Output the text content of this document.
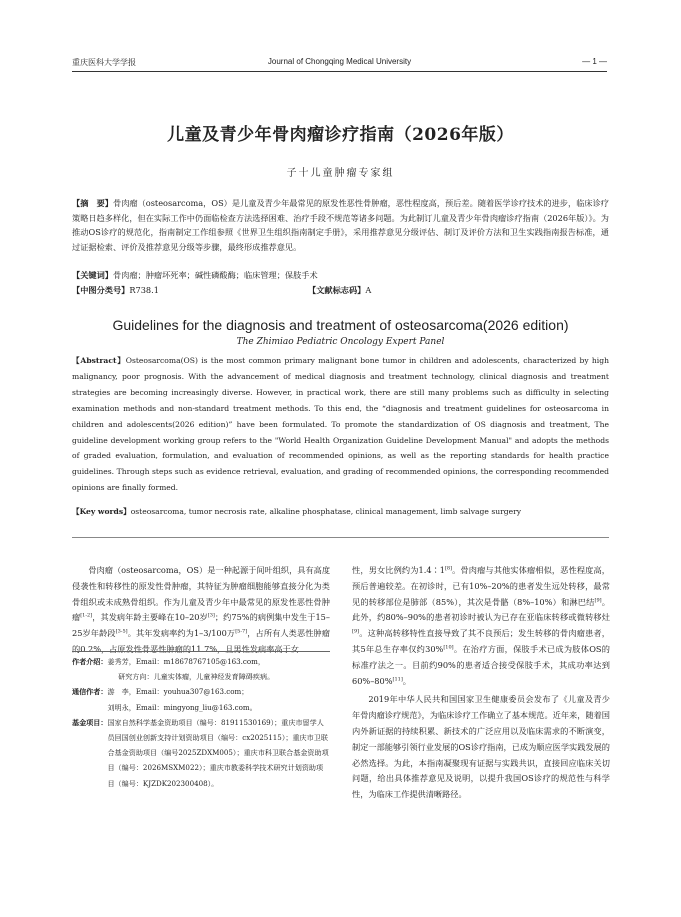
重庆医科大学学报	Journal of Chongqing Medical University	— 1 —
儿童及青少年骨肉瘤诊疗指南（2026年版）
子十儿童肿瘤专家组
【摘　要】骨肉瘤（osteosarcoma，OS）是儿童及青少年最常见的原发性恶性骨肿瘤，恶性程度高，预后差。随着医学诊疗技术的进步，临床诊疗策略日趋多样化，但在实际工作中仍面临检查方法选择困难、治疗手段不规范等诸多问题。为此制订儿童及青少年骨肉瘤诊疗指南（2026年版）》。为推动OS诊疗的规范化，指南制定工作组参照《世界卫生组织指南制定手册》，采用推荐意见分级评估、制订及评价方法和卫生实践指南报告标准，通过证据检索、评价及推荐意见分级等步骤，最终形成推荐意见。
【关键词】骨肉瘤；肿瘤坏死率；碱性磷酸酶；临床管理；保肢手术
【中图分类号】R738.1	【文献标志码】A
Guidelines for the diagnosis and treatment of osteosarcoma(2026 edition)
The Zhimiao Pediatric Oncology Expert Panel
【Abstract】Osteosarcoma(OS) is the most common primary malignant bone tumor in children and adolescents, characterized by high malignancy, poor prognosis. With the advancement of medical diagnosis and treatment technology, clinical diagnosis and treatment strategies are becoming increasingly diverse. However, in practical work, there are still many problems such as difficulty in selecting examination methods and non-standard treatment methods. To this end, the “diagnosis and treatment guidelines for osteosarcoma in children and adolescents(2026 edition)” have been formulated. To promote the standardization of OS diagnosis and treatment, The guideline development working group refers to the "World Health Organization Guideline Development Manual" and adopts the methods of graded evaluation, formulation, and evaluation of recommended opinions, as well as the reporting standards for health practice guidelines. Through steps such as evidence retrieval, evaluation, and grading of recommended opinions, the corresponding recommended opinions are finally formed.
【Key words】osteosarcoma, tumor necrosis rate, alkaline phosphatase, clinical management, limb salvage surgery

骨肉瘤（osteosarcoma，OS）是一种起源于间叶组织，具有高度侵袭性和转移性的原发性骨肿瘤，其特征为肿瘤细胞能够直接分化为类骨组织或未成熟骨组织。作为儿童及青少年中最常见的原发性恶性骨肿瘤[1-2]，其发病年龄主要峰在10–20岁[3]；约75%的病例集中发生于15–25岁年龄段[3-5]。其年发病率约为1–3/100万[5-7]，占所有人类恶性肿瘤的0.2%，占原发性骨恶性肿瘤的11.7%，且男性发病率高于女

作者介绍： 姜秀芳，Email：m18678767105@163.com，
研究方向：儿童实体瘤，儿童神经发育障碍疾病。
通信作者： 游　李，Email：youhua307@163.com；
刘明永，Email：mingyong_liu@163.com。
基金项目： 国家自然科学基金资助项目（编号：81911530169）；重庆市留学人员回国创业创新支持计划资助项目（编号：cx2025115）；重庆市卫联合基金资助项目（编号2025ZDXM005）；重庆市科卫联合基金资助项目（编号：2026MSXM022）；重庆市教委科学技术研究计划资助项目（编号：KJZDK202300408）。

性，男女比例约为1.4∶1[8]。骨肉瘤与其他实体瘤相似，恶性程度高，预后普遍较差。在初诊时，已有10%–20%的患者发生远处转移，最常见的转移部位是肺部（85%），其次是骨骼（8%–10%）和淋巴结[9]。此外，约80%–90%的患者初诊时被认为已存在亚临床转移或微转移灶[9]。这种高转移特性直接导致了其不良预后；发生转移的骨肉瘤患者，其5年总生存率仅约30%[10]。在治疗方面，保肢手术已成为肢体OS的标准疗法之一。目前约90%的患者适合接受保肢手术，其成功率达到60%–80%[11]。

2019年中华人民共和国国家卫生健康委员会发布了《儿童及青少年骨肉瘤诊疗规范》，为临床诊疗工作确立了基本规范。近年来，随着国内外新证据的持续积累、新技术的广泛应用以及临床需求的不断演变，制定一部能够引领行业发展的OS诊疗指南，已成为顺应医学实践发展的必然选择。为此，本指南凝聚现有证据与实践共识，直接回应临床关切问题，给出具体推荐意见及说明，以提升我国OS诊疗的规范性与科学性，为临床工作提供清晰路径。
